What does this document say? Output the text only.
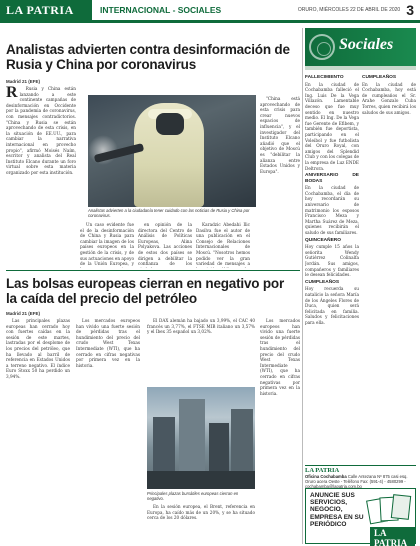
LA PATRIA	INTERNACIONAL - SOCIALES	ORURO, MIÉRCOLES 22 DE ABRIL DE 2020 3
Analistas advierten contra desinformación de Rusia y China por coronavirus
Madrid 21 (EFE)
R	Rusia y China están lanzando a este continente campañas de desinformación en Occidente por la pandemia de coronavirus, con mensajes contradictorios. "China y Rusia se están aprovechando de esta crisis, en la situación de EE.UU., para cambiar la narrativa internacional en provecho propio", afirmó Moisés Naím, escritor y analista del Real Instituto Elcano durante un foro virtual sobre esta materia organizado por esta institución.

Analistas advierten a la ciudadanía tener cuidado con las noticias de Rusia y China por coronavirus.

Un caso evidente fue el de la desinformación de China y Rusia para cambiar la imagen de los países europeos en la gestión de la crisis, y de sus actuaciones en apoyo de la Unión Europea, y

en opinión de la directora del Centro de Análisis de Políticas Europeas, Alina Polyakova. Las acciones de estos dos países se dirigen a debilitar la confianza de los

Karadzic Abedahi Ilic Dasilva fue el autor de una publicación en el Consejo de Relaciones Internacionales de Moscú. "Nosotros hemos podido ver la gran variedad de mensajes a

"China está aprovechando de esta crisis para crear nuevos espacios de influencia", y el investigador del Instituto Elcano añadió que el objetivo de Moscú es "debilitar la alianza entre Estados Unidos y Europa".

Las bolsas europeas cierran en negativo por la caída del precio del petróleo
Madrid 21 (EFE)

Las principales plazas europeas han cerrado hoy con fuertes caídas en la sesión de este martes, lastradas por el desplome de los precios del petróleo, que ha llevado al barril de referencia en Estados Unidos a terreno negativo. El índice Euro Stoxx 50 ha perdido un 3,94%.

Los mercados europeos han vivido una fuerte sesión de pérdidas tras el hundimiento del precio del crudo West Texas Intermediate (WTI), que ha cerrado en cifras negativas por primera vez en la historia.

El DAX alemán ha bajado un 3,99%, el CAC 40 francés un 3,77%, el FTSE MIB italiano un 3,57% y el Ibex 35 español un 3,02%.

Principales plazas bursátiles europeas cierran en negativo.

En la sesión europea, el Brent, referencia en Europa, ha caído más de un 20%, y se ha situado cerca de los 20 dólares.

Los mercados europeos han vivido una fuerte sesión de pérdidas tras el hundimiento del precio del crudo West Texas Intermediate (WTI), que ha cerrado en cifras negativas por primera vez en la historia.

Sociales
FALLECIMIENTO

En la ciudad de Cochabamba falleció el Ing. Luis De la Vega Villazón. Lamentable deceso que fue muy sentido en nuestro medio. El Ing. De la Vega fue Gerente de Efibem, y también fue deportista, participando en el Voleibol y fue futbolista del Oruro Royal, con amigos del Splendid Club y con los colegas de la empresa de Luz ENDE Deltrora.

ANIVERSARIO DE BODAS

En la ciudad de Cochabamba, el día de hoy recordarán su aniversario de matrimonio los esposos Francisco Meza y Martha Suárez de Meza, quienes recibirán el saludo de sus familiares.

QUINCEAÑERO

Hoy cumple 15 años la señorita Wendy Gutiérrez Colinalfa Jordán. Sus amigos, compañeros y familiares le desean felicidades.

CUMPLEAÑOS

Hoy recuerda su natalicio la señora María de los Ángeles Flores de Duca, quien será felicitada en familia. Saludos y felicitaciones para ella.

CUMPLEAÑOS

En la ciudad de Cochabamba, hoy está de cumpleaños el Sr. Arahe Gonzalo Cuba Torres, quien recibirá los saludos de sus amigos.

LA PATRIA
Oficina Cochabamba Calle Antezana Nº 875 casi esq. Oruro acera Oeste - Teléfono Fax: (591-4) - 4580299 - cochabamba@lapatria.com.bo
ANUNCIE SUS SERVICIOS, NEGOCIO, EMPRESA EN SU PERIÓDICO
LA PATRIA
